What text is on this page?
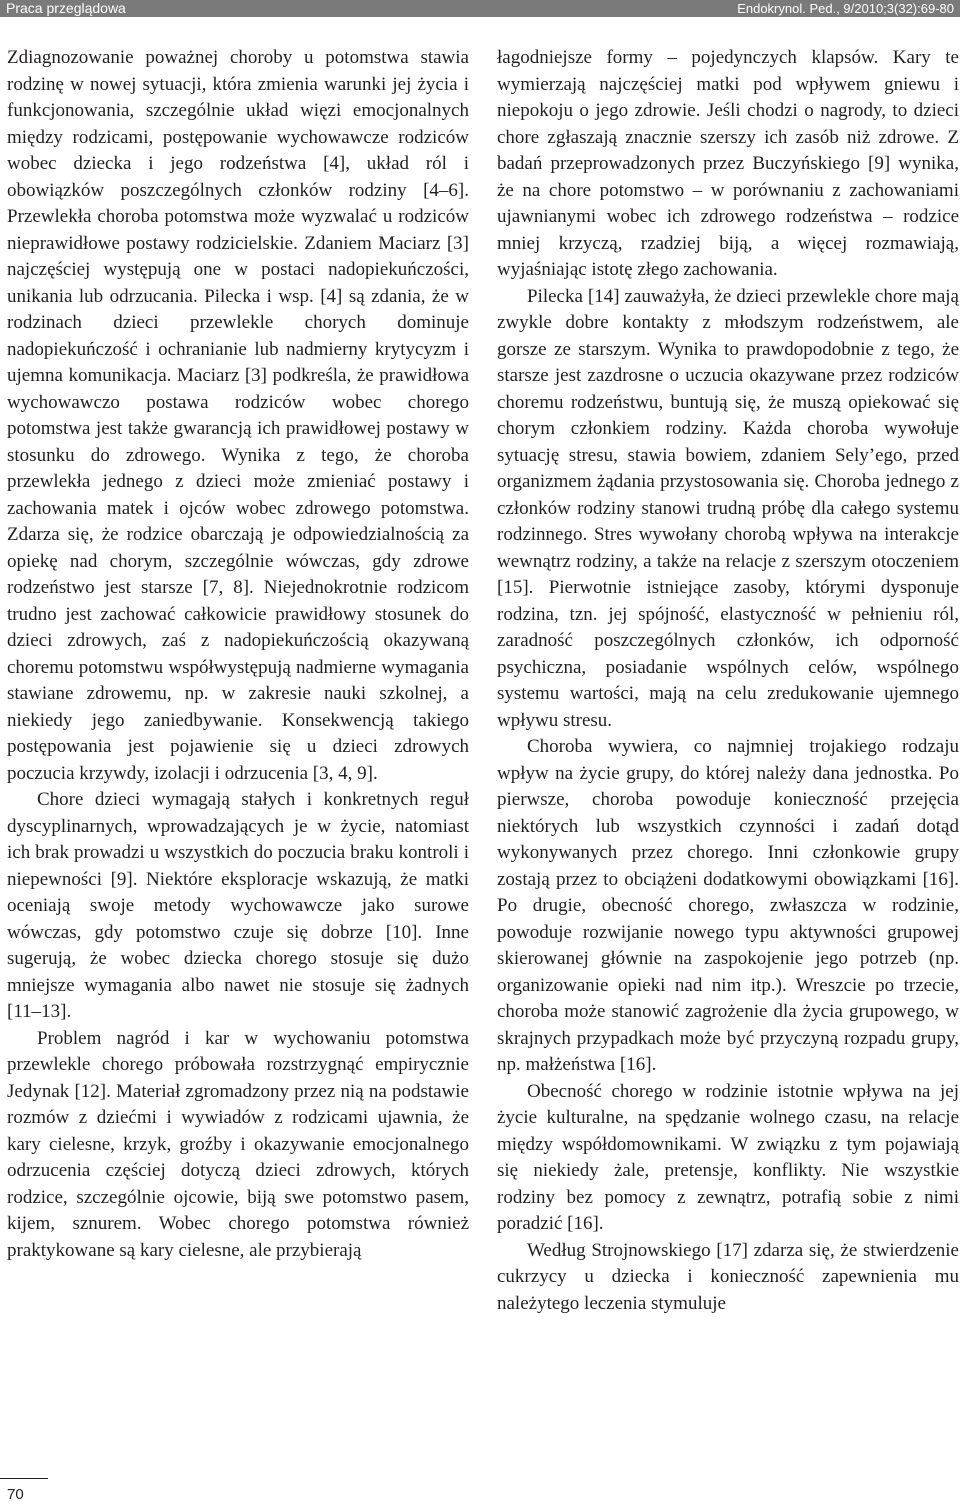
Praca przeglądowa	Endokrynol. Ped., 9/2010;3(32):69-80

Zdiagnozowanie poważnej choroby u potomstwa stawia rodzinę w nowej sytuacji, która zmienia warunki jej życia i funkcjonowania, szczególnie układ więzi emocjonalnych między rodzicami, postępowanie wychowawcze rodziców wobec dziecka i jego rodzeństwa [4], układ ról i obowiązków poszczególnych członków rodziny [4–6]. Przewlekła choroba potomstwa może wyzwalać u rodziców nieprawidłowe postawy rodzicielskie. Zdaniem Maciarz [3] najczęściej występują one w postaci nadopiekuńczości, unikania lub odrzucania. Pilecka i wsp. [4] są zdania, że w rodzinach dzieci przewlekle chorych dominuje nadopiekuńczość i ochranianie lub nadmierny krytycyzm i ujemna komunikacja. Maciarz [3] podkreśla, że prawidłowa wychowawczo postawa rodziców wobec chorego potomstwa jest także gwarancją ich prawidłowej postawy w stosunku do zdrowego. Wynika z tego, że choroba przewlekła jednego z dzieci może zmieniać postawy i zachowania matek i ojców wobec zdrowego potomstwa. Zdarza się, że rodzice obarczają je odpowiedzialnością za opiekę nad chorym, szczególnie wówczas, gdy zdrowe rodzeństwo jest starsze [7, 8]. Niejednokrotnie rodzicom trudno jest zachować całkowicie prawidłowy stosunek do dzieci zdrowych, zaś z nadopiekuńczością okazywaną choremu potomstwu współwystępują nadmierne wymagania stawiane zdrowemu, np. w zakresie nauki szkolnej, a niekiedy jego zaniedbywanie. Konsekwencją takiego postępowania jest pojawienie się u dzieci zdrowych poczucia krzywdy, izolacji i odrzucenia [3, 4, 9].

Chore dzieci wymagają stałych i konkretnych reguł dyscyplinarnych, wprowadzających je w życie, natomiast ich brak prowadzi u wszystkich do poczucia braku kontroli i niepewności [9]. Niektóre eksploracje wskazują, że matki oceniają swoje metody wychowawcze jako surowe wówczas, gdy potomstwo czuje się dobrze [10]. Inne sugerują, że wobec dziecka chorego stosuje się dużo mniejsze wymagania albo nawet nie stosuje się żadnych [11–13].

Problem nagród i kar w wychowaniu potomstwa przewlekle chorego próbowała rozstrzygnąć empirycznie Jedynak [12]. Materiał zgromadzony przez nią na podstawie rozmów z dziećmi i wywiadów z rodzicami ujawnia, że kary cielesne, krzyk, groźby i okazywanie emocjonalnego odrzucenia częściej dotyczą dzieci zdrowych, których rodzice, szczególnie ojcowie, biją swe potomstwo pasem, kijem, sznurem. Wobec chorego potomstwa również praktykowane są kary cielesne, ale przybierają

łagodniejsze formy – pojedynczych klapsów. Kary te wymierzają najczęściej matki pod wpływem gniewu i niepokoju o jego zdrowie. Jeśli chodzi o nagrody, to dzieci chore zgłaszają znacznie szerszy ich zasób niż zdrowe. Z badań przeprowadzonych przez Buczyńskiego [9] wynika, że na chore potomstwo – w porównaniu z zachowaniami ujawnianymi wobec ich zdrowego rodzeństwa – rodzice mniej krzyczą, rzadziej biją, a więcej rozmawiają, wyjaśniając istotę złego zachowania.

Pilecka [14] zauważyła, że dzieci przewlekle chore mają zwykle dobre kontakty z młodszym rodzeństwem, ale gorsze ze starszym. Wynika to prawdopodobnie z tego, że starsze jest zazdrosne o uczucia okazywane przez rodziców choremu rodzeństwu, buntują się, że muszą opiekować się chorym członkiem rodziny. Każda choroba wywołuje sytuację stresu, stawia bowiem, zdaniem Sely’ego, przed organizmem żądania przystosowania się. Choroba jednego z członków rodziny stanowi trudną próbę dla całego systemu rodzinnego. Stres wywołany chorobą wpływa na interakcje wewnątrz rodziny, a także na relacje z szerszym otoczeniem [15]. Pierwotnie istniejące zasoby, którymi dysponuje rodzina, tzn. jej spójność, elastyczność w pełnieniu ról, zaradność poszczególnych członków, ich odporność psychiczna, posiadanie wspólnych celów, wspólnego systemu wartości, mają na celu zredukowanie ujemnego wpływu stresu.

Choroba wywiera, co najmniej trojakiego rodzaju wpływ na życie grupy, do której należy dana jednostka. Po pierwsze, choroba powoduje konieczność przejęcia niektórych lub wszystkich czynności i zadań dotąd wykonywanych przez chorego. Inni członkowie grupy zostają przez to obciążeni dodatkowymi obowiązkami [16]. Po drugie, obecność chorego, zwłaszcza w rodzinie, powoduje rozwijanie nowego typu aktywności grupowej skierowanej głównie na zaspokojenie jego potrzeb (np. organizowanie opieki nad nim itp.). Wreszcie po trzecie, choroba może stanowić zagrożenie dla życia grupowego, w skrajnych przypadkach może być przyczyną rozpadu grupy, np. małżeństwa [16].

Obecność chorego w rodzinie istotnie wpływa na jej życie kulturalne, na spędzanie wolnego czasu, na relacje między współdomownikami. W związku z tym pojawiają się niekiedy żale, pretensje, konflikty. Nie wszystkie rodziny bez pomocy z zewnątrz, potrafią sobie z nimi poradzić [16].

Według Strojnowskiego [17] zdarza się, że stwierdzenie cukrzycy u dziecka i konieczność zapewnienia mu należytego leczenia stymuluje

70
